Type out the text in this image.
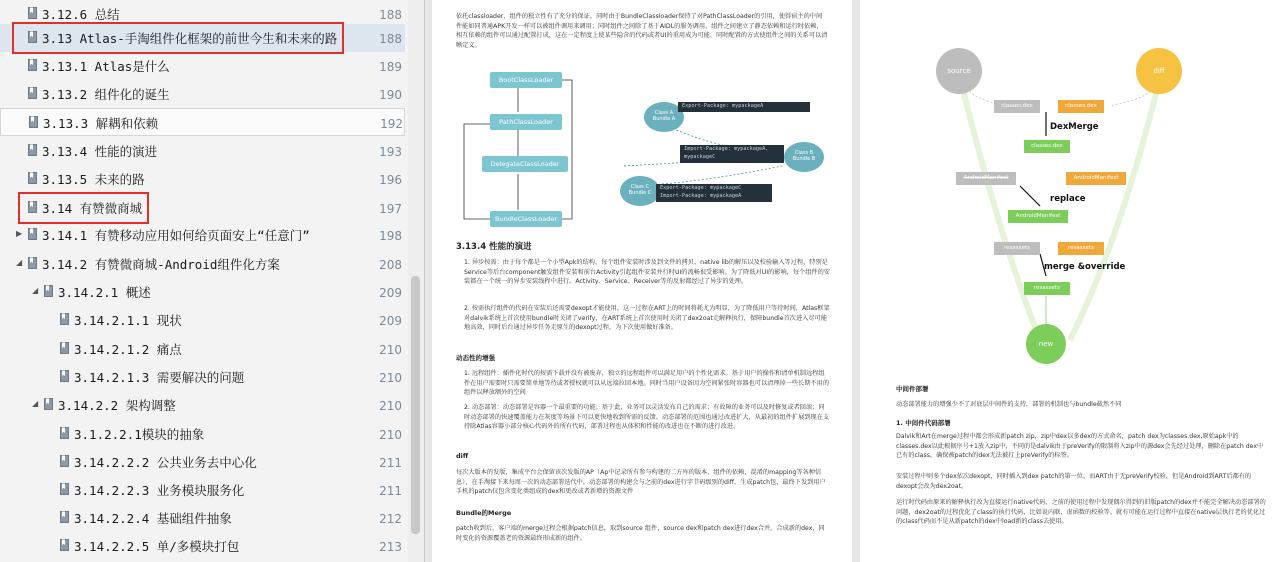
3.14.2.2.5 单/多模块打包	213
3.14.2.2.4 基础组件抽象	212
3.14.2.2.3 业务模块服务化	211
3.14.2.2.2 公共业务去中心化	211
3.1.2.2.1模块的抽象	210
◢	3.14.2.2 架构调整	210
3.14.2.1.3 需要解决的问题	210
3.14.2.1.2 痛点	210
3.14.2.1.1 现状	209
◢	3.14.2.1 概述	209
◢	3.14.2 有赞微商城-Android组件化方案	208
▶	3.14.1 有赞移动应用如何给页面安上“任意门”	198
3.14 有赞微商城	197
3.13.5 未来的路	196
3.13.4 性能的演进	193
3.13.3 解耦和依赖	192
3.13.2 组件化的诞生	190
3.13.1 Atlas是什么	189
3.13 Atlas-手淘组件化框架的前世今生和未来的路	188
3.12.6 总结	188	依托classloader，组件的独立性有了充分的保证，同时由于BundleClassloader保持了对PathClassLoader的引用，使得宿主的中间件能如同普通APK开发一样可以被组件调用来调用；同时组件之间除了基于AIDL的服务调用，组件之间建立了静态依赖和运行时依赖，相互依赖的组件可以通过配置打成，这在一定程度上使某些隐含的代码或者UI的重用成为可能，同时配置的方式使组件之间的关系可以清晰定义。
BootClassLoader
PathClassLoader
DelegateClassLoader
BundleClassLoader
Class A
Bundle A
Class B
Bundle B
Class C
Bundle C
Export-Package: mypackageA
Import-Package: mypackageA,
mypackageC
Export-Package: mypackageC
Import-Package: mypackageA
3.13.4 性能的演进
1. 异步按需：由于每个都是一个小型Apk的结构，每个组件安装时涉及到文件的拷贝、native lib的解压以及校验输入等过程，特别是Service等后台component触发组件安装和前台Activity引起组件安装并行时UI的流畅很受影响。为了降低对UI的影响，每个组件的安装都在一个统一的异步安装线程中进行。Activity、Service、Receiver等的反射都经过了异步的处理。
2. 按需执行组件的代码在安装后还需要dexopt才能使用，这一过程在ART上的时间将耗尤为明显，为了降低用户等待时间，Atlas框架对dalvik系统上首次使用bundle时关闭了verify，在ART系统上首次使用时关闭了dex2oat走解释执行，保障bundle首次进入尽可能地高效，同时后台通过异步任务走原生的dexopt过程，为下次使用做好准备。
动态性的增强
1. 远程组件：插件化时代的按需下载并没有被废弃，独立的远程组件可以满足用户的个性化需求。基于用户的操作和清单机制远程组件在用户需要时只需要简单地等待或者授权就可以从远端拉回本地。同时当用户设备因为空间紧张时容器也可以清理掉一些长期不用的组件以释放额外的空间
2. 动态部署：动态部署是容器一个最重要的功能。基于此，业务可以灵活发布自己的需求；有故障的业务可以及时修复或者回滚；同时动态部署的快速覆盖能力在灰度等场景下可以更快地收到所需的反馈。动态部署的范围也通过改进扩大，从最初的组件扩展到现在支持除Atlas容器小部分核心代码外的所有代码，部署过程也从体积和性能的改进也在不断的进行改进。
diff
每次大版本的发版，集成平台会保留该次发版的AP（Ap中记录所有参与构建的二方库的版本，组件的依赖，混淆的mapping等各种信息），在手淘接下来每周一次的动态部署迭代中，动态部署的构建会与之前的dex进行字节码级别的diff，生成patch包，最终下发到用户手机的patch仅包含变化类组成的dex和更改或者新增的资源文件
Bundle的Merge
patch收到后，客户端的merge过程会根据patch信息，取到source 组件，source dex和patch dex进行dex合并，合成新的dex，同时变化的资源覆盖老的资源最终形成新的组件。
source	diff
new
classes.dex	classes.dex
classes.dex
DexMerge
AndroidManifest	AndroidManifest
replace
AndroidManifest
resassets	resassets
merge &override
resassets
中间件部署
动态部署能力的增强少不了对底层中间件的支持，部署的机制也与bundle截然不同
1. 中间件代码部署
Dalvik和Art在merge过程中都会形成新patch zip，zip中dex以多dex的方式命名，patch dex为classes.dex,原始apk中的classes.dex以此根据序号+1放入zip中，不同的是dalvik由于preVerify的限制将入zip中的源dex会先经过处理，删除在patch dex中已有的class，确保被patch的dex无法被打上preVerify的标签。
安装过程中则多个dex依次dexopt，同时插入到dex patch的第一位。而ART由于无preVerify校验，但是Android到ART后都有的dexopt会改为dex2oat。
运行时代码由原来的解释执行改为直接运行native代码，之前的使用过程中发现偶尔得到的旧版patch的dex并不能完全解决动态部署的问题，dex2oat的过程优化了class的执行代码，比如说内联，虚函数的校验等。就有可能在运行过程中直接在native层执行老的优化过的class代码而不是从新patch的dex中load新的class去使用。
